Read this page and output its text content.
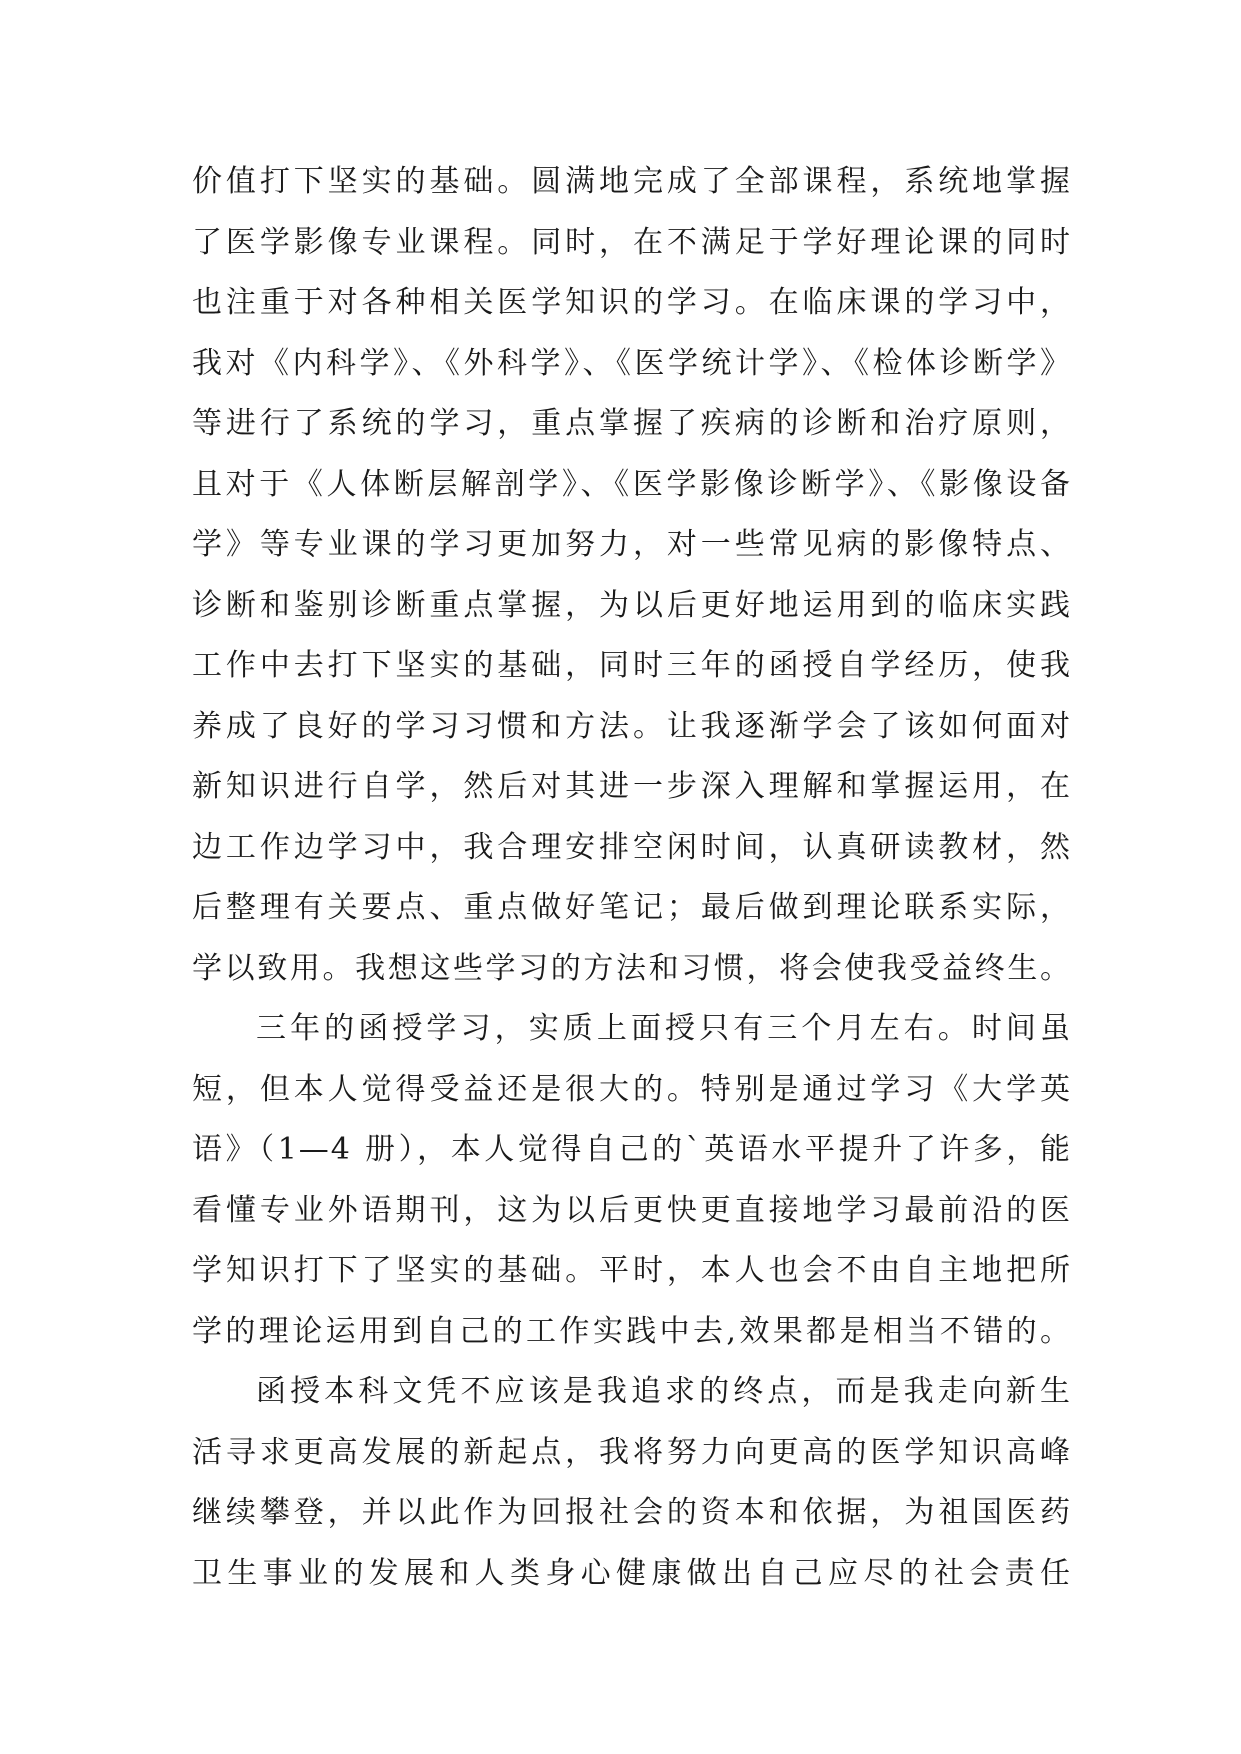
价值打下坚实的基础。圆满地完成了全部课程，系统地掌握
了医学影像专业课程。同时，在不满足于学好理论课的同时
也注重于对各种相关医学知识的学习。在临床课的学习中，
我对《内科学》、《外科学》、《医学统计学》、《检体诊断学》
等进行了系统的学习，重点掌握了疾病的诊断和治疗原则，
且对于《人体断层解剖学》、《医学影像诊断学》、《影像设备
学》等专业课的学习更加努力，对一些常见病的影像特点、
诊断和鉴别诊断重点掌握，为以后更好地运用到的临床实践
工作中去打下坚实的基础，同时三年的函授自学经历，使我
养成了良好的学习习惯和方法。让我逐渐学会了该如何面对
新知识进行自学，然后对其进一步深入理解和掌握运用，在
边工作边学习中，我合理安排空闲时间，认真研读教材，然
后整理有关要点、重点做好笔记；最后做到理论联系实际，
学以致用。我想这些学习的方法和习惯，将会使我受益终生。
三年的函授学习，实质上面授只有三个月左右。时间虽
短，但本人觉得受益还是很大的。特别是通过学习《大学英
语》（1—4 册），本人觉得自己的`英语水平提升了许多，能
看懂专业外语期刊，这为以后更快更直接地学习最前沿的医
学知识打下了坚实的基础。平时，本人也会不由自主地把所
学的理论运用到自己的工作实践中去,效果都是相当不错的。
函授本科文凭不应该是我追求的终点，而是我走向新生
活寻求更高发展的新起点，我将努力向更高的医学知识高峰
继续攀登，并以此作为回报社会的资本和依据，为祖国医药
卫生事业的发展和人类身心健康做出自己应尽的社会责任
